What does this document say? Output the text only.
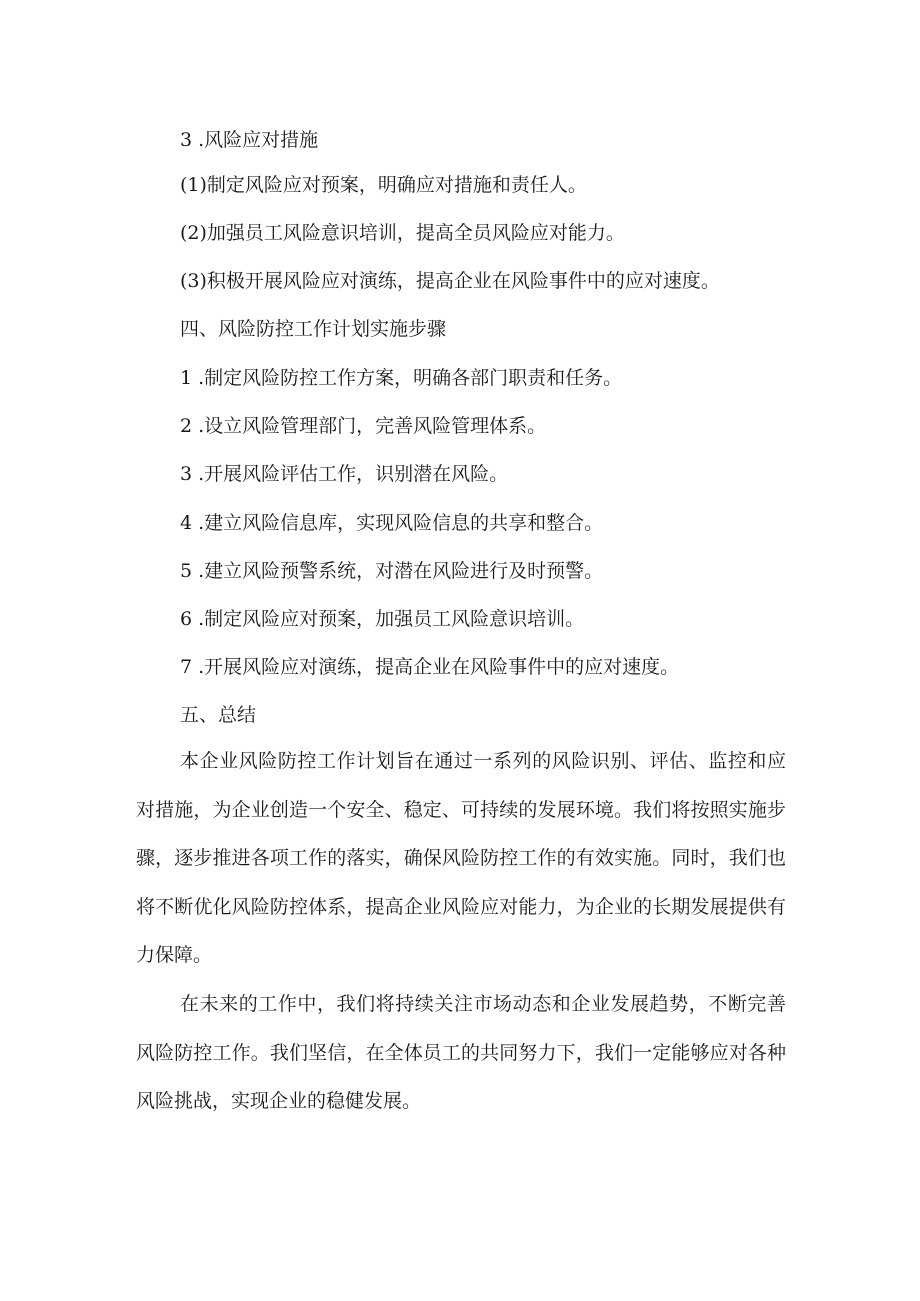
3 .风险应对措施
(1)制定风险应对预案，明确应对措施和责任人。
(2)加强员工风险意识培训，提高全员风险应对能力。
(3)积极开展风险应对演练，提高企业在风险事件中的应对速度。
四、风险防控工作计划实施步骤
1 .制定风险防控工作方案，明确各部门职责和任务。
2 .设立风险管理部门，完善风险管理体系。
3 .开展风险评估工作，识别潜在风险。
4 .建立风险信息库，实现风险信息的共享和整合。
5 .建立风险预警系统，对潜在风险进行及时预警。
6 .制定风险应对预案，加强员工风险意识培训。
7 .开展风险应对演练，提高企业在风险事件中的应对速度。
五、总结
本企业风险防控工作计划旨在通过一系列的风险识别、评估、监控和应对措施，为企业创造一个安全、稳定、可持续的发展环境。我们将按照实施步骤，逐步推进各项工作的落实，确保风险防控工作的有效实施。同时，我们也将不断优化风险防控体系，提高企业风险应对能力，为企业的长期发展提供有力保障。
在未来的工作中，我们将持续关注市场动态和企业发展趋势，不断完善风险防控工作。我们坚信，在全体员工的共同努力下，我们一定能够应对各种风险挑战，实现企业的稳健发展。
